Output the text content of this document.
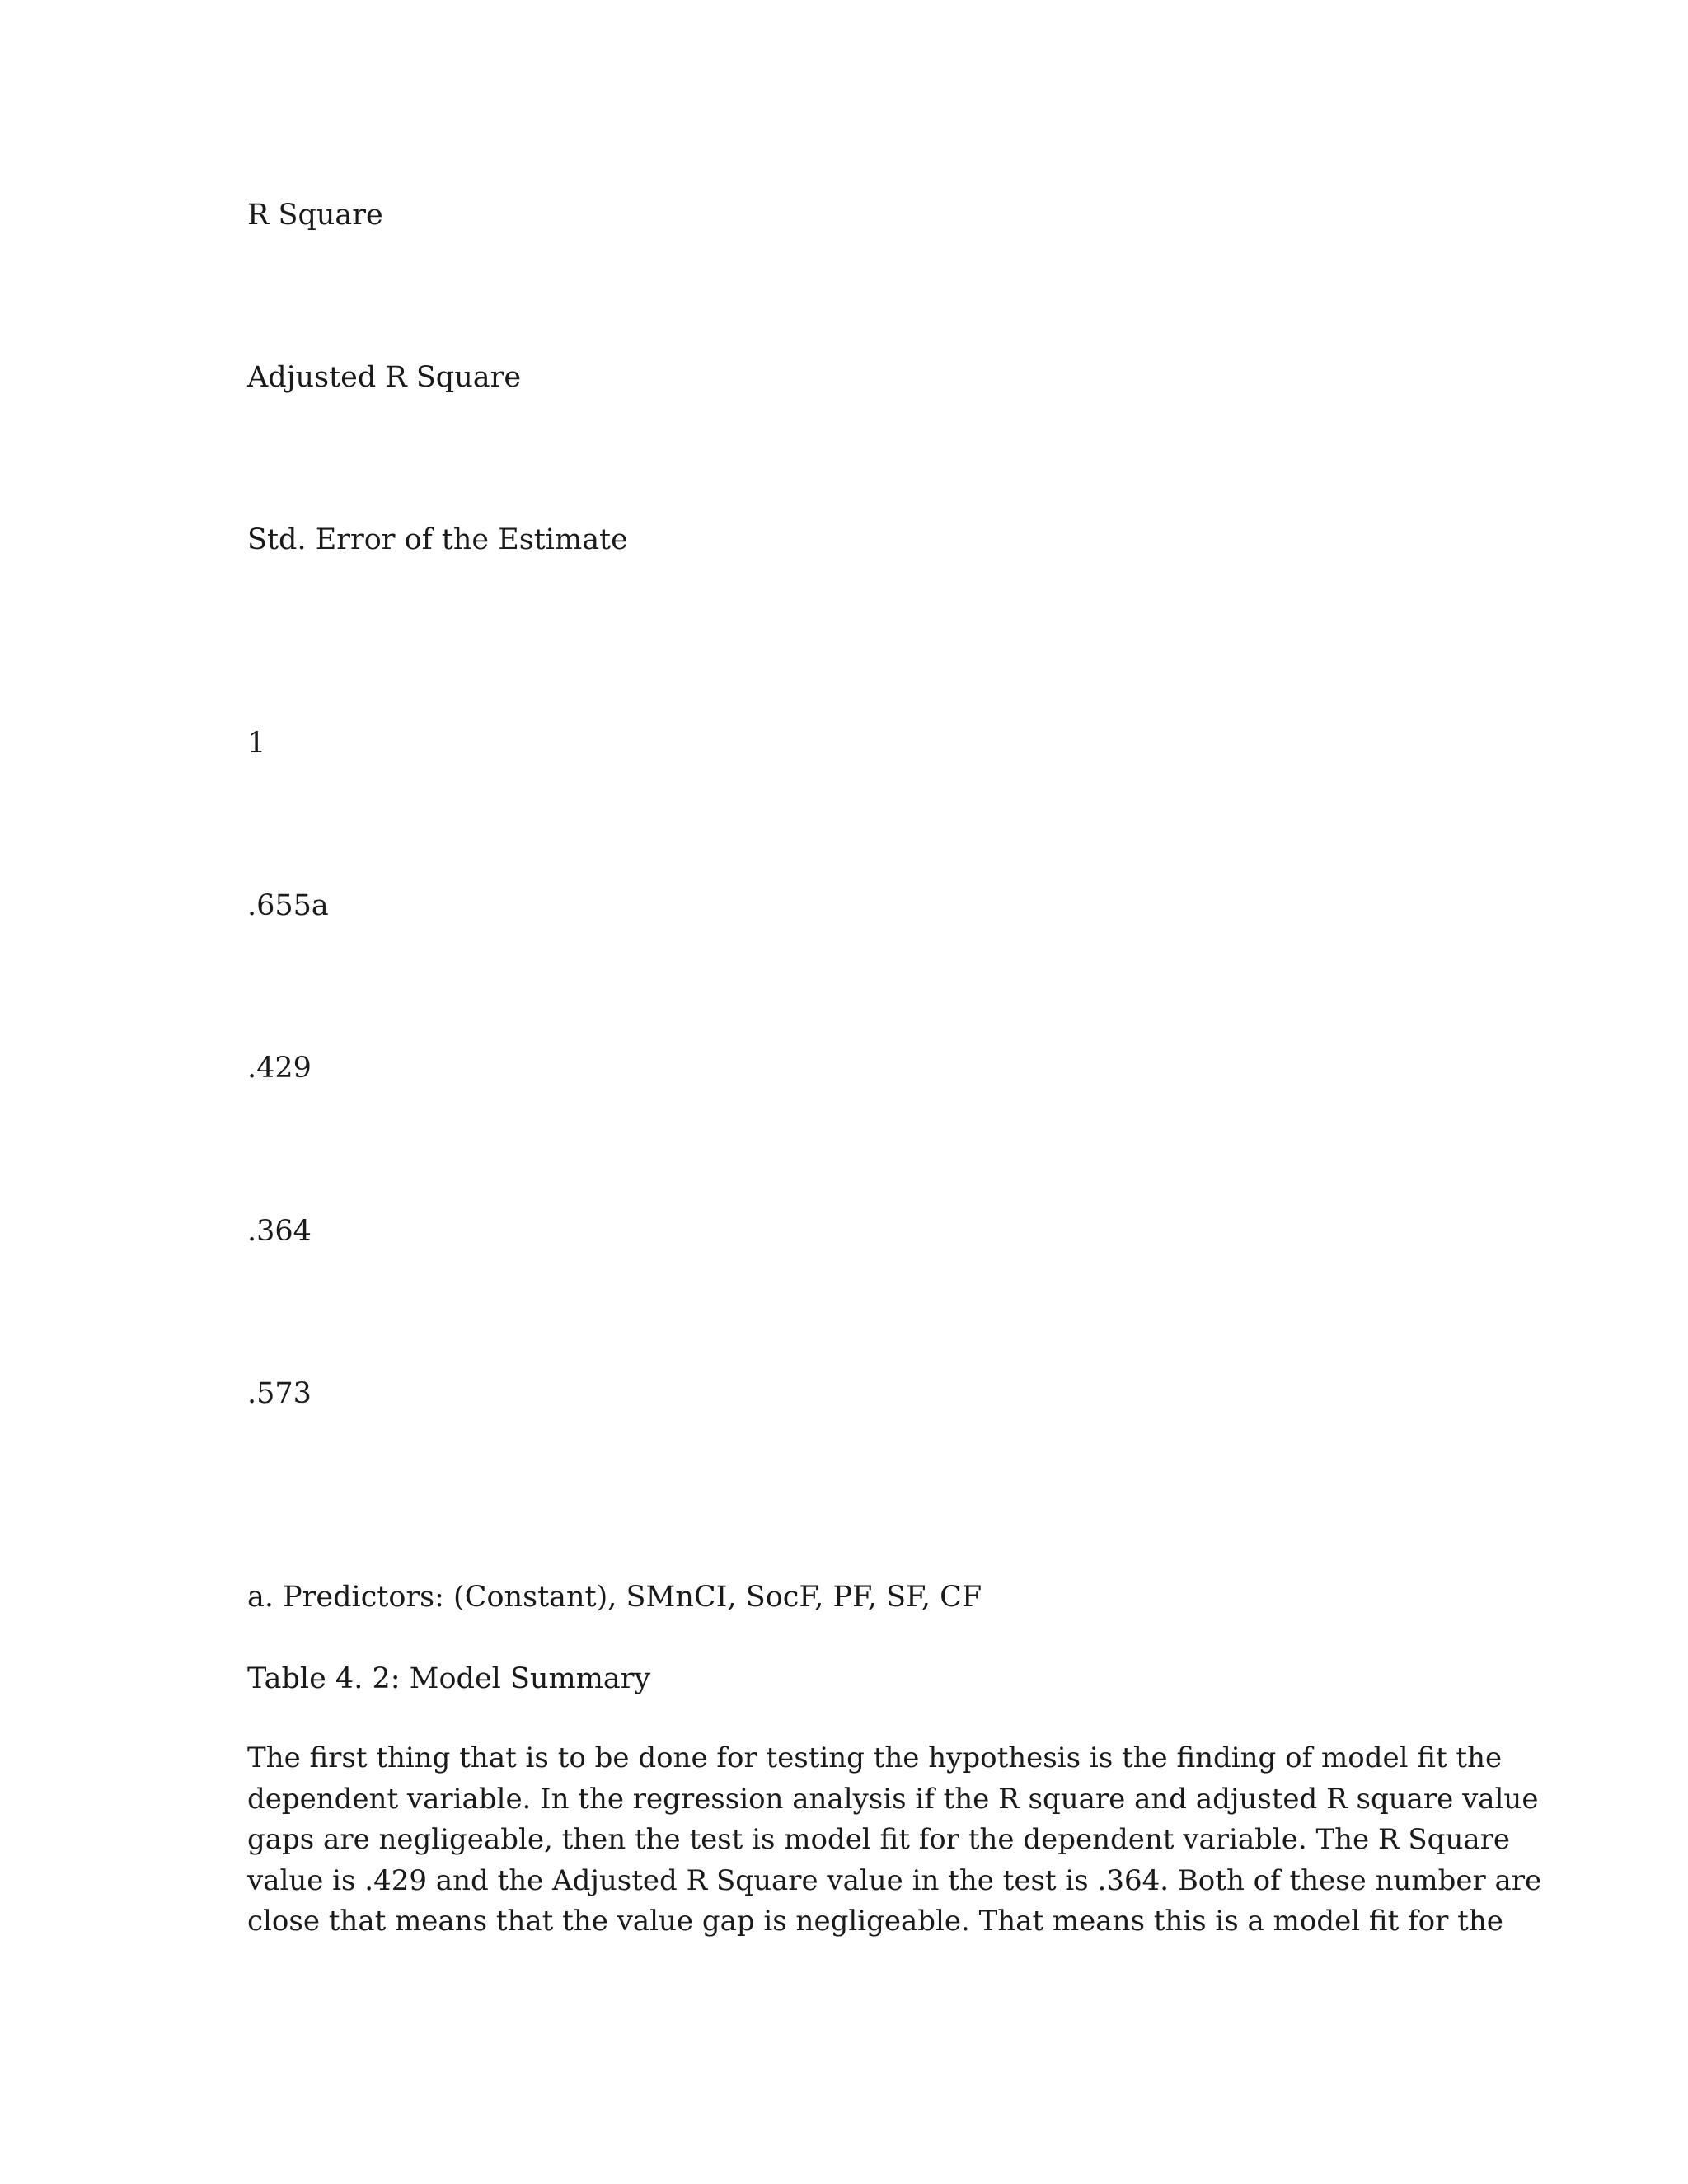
R Square
Adjusted R Square
Std. Error of the Estimate
1
.655a
.429
.364
.573
a. Predictors: (Constant), SMnCI, SocF, PF, SF, CF
Table 4. 2: Model Summary
The first thing that is to be done for testing the hypothesis is the finding of model fit the
dependent variable. In the regression analysis if the R square and adjusted R square value
gaps are negligeable, then the test is model fit for the dependent variable. The R Square
value is .429 and the Adjusted R Square value in the test is .364. Both of these number are
close that means that the value gap is negligeable. That means this is a model fit for the
